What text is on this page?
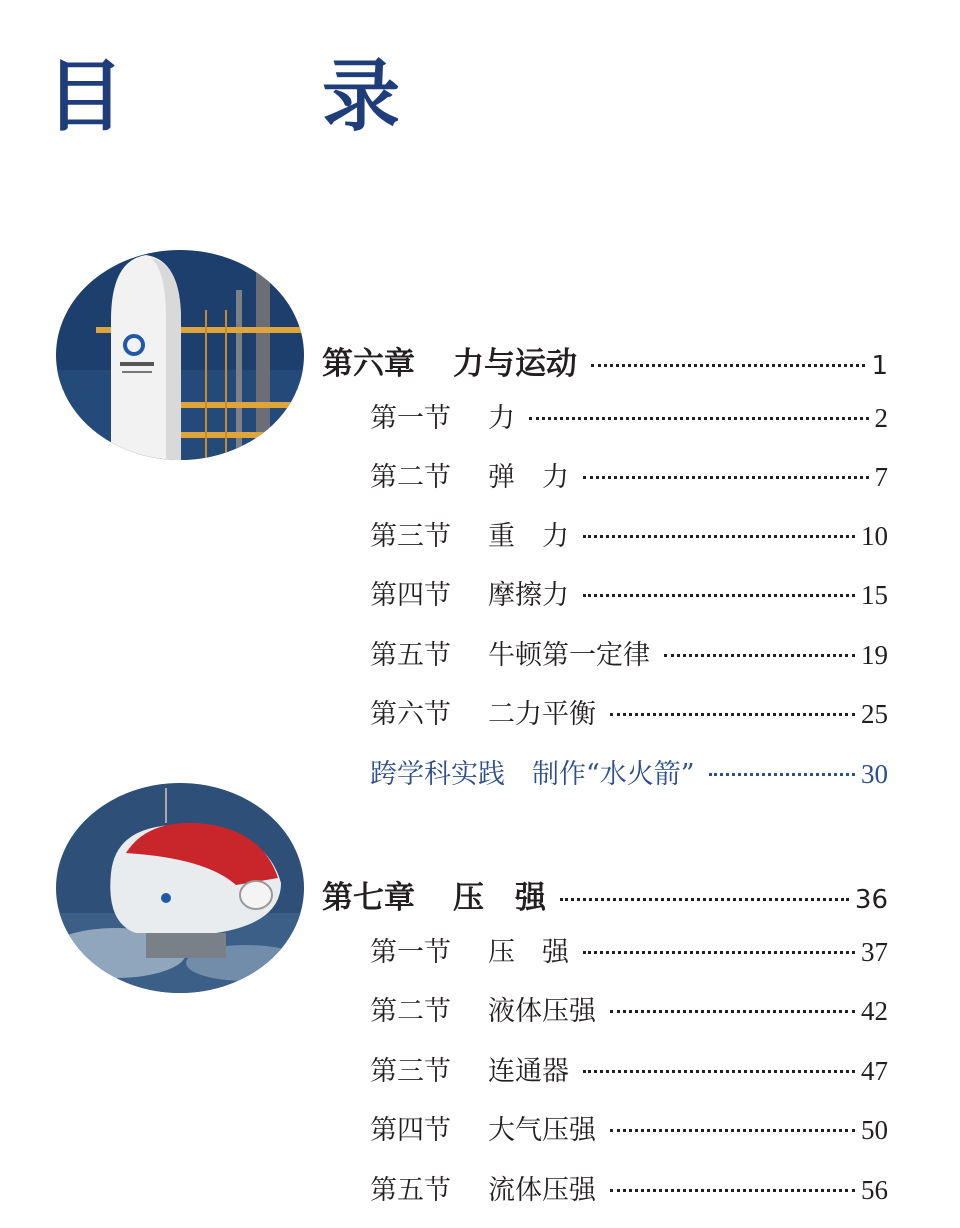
目　录
第六章 力与运动	1
第一节 力	2
第二节 弹　力	7
第三节 重　力	10
第四节 摩擦力	15
第五节 牛顿第一定律	19
第六节 二力平衡	25
跨学科实践　制作“水火箭”	30
第七章 压　强	36
第一节 压　强	37
第二节 液体压强	42
第三节 连通器	47
第四节 大气压强	50
第五节 流体压强	56
